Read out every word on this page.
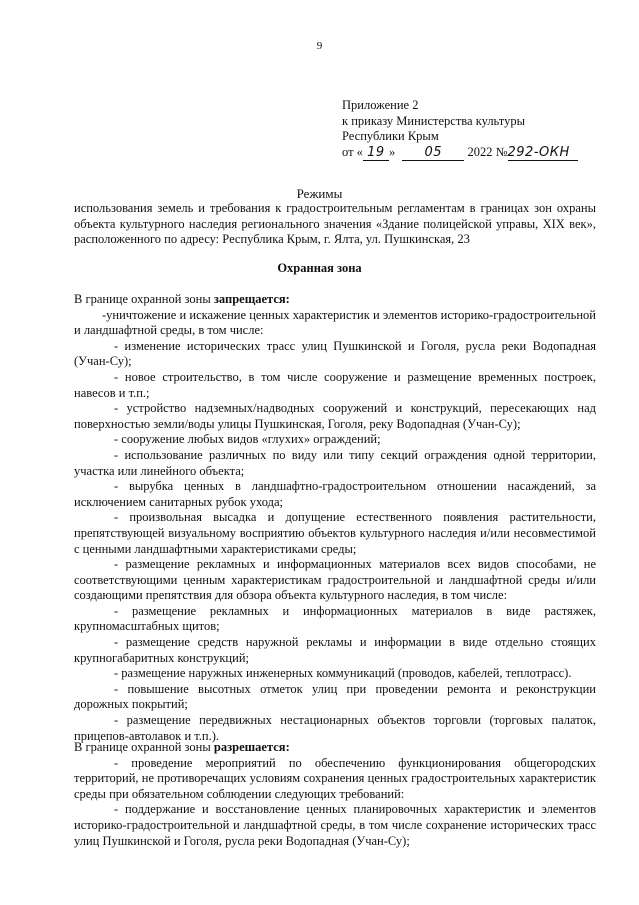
9
Приложение 2
к приказу Министерства культуры
Республики Крым
от « 19 » 05 2022 №292-ОКН
Режимы
использования земель и требования к градостроительным регламентам в границах зон охраны объекта культурного наследия регионального значения «Здание полицейской управы, XIX век», расположенного по адресу: Республика Крым, г. Ялта, ул. Пушкинская, 23
Охранная зона

В границе охранной зоны запрещается:

-уничтожение и искажение ценных характеристик и элементов историко-градостроительной и ландшафтной среды, в том числе:

- изменение исторических трасс улиц Пушкинской и Гоголя, русла реки Водопадная (Учан-Су);

- новое строительство, в том числе сооружение и размещение временных построек, навесов и т.п.;

- устройство надземных/надводных сооружений и конструкций, пересекающих над поверхностью земли/воды улицы Пушкинская, Гоголя, реку Водопадная (Учан-Су);

- сооружение любых видов «глухих» ограждений;

- использование различных по виду или типу секций ограждения одной территории, участка или линейного объекта;

- вырубка ценных в ландшафтно-градостроительном отношении насаждений, за исключением санитарных рубок ухода;

- произвольная высадка и допущение естественного появления растительности, препятствующей визуальному восприятию объектов культурного наследия и/или несовместимой с ценными ландшафтными характеристиками среды;

- размещение рекламных и информационных материалов всех видов способами, не соответствующими ценным характеристикам градостроительной и ландшафтной среды и/или создающими препятствия для обзора объекта культурного наследия, в том числе:

- размещение рекламных и информационных материалов в виде растяжек, крупномасштабных щитов;

- размещение средств наружной рекламы и информации в виде отдельно стоящих крупногабаритных конструкций;

- размещение наружных инженерных коммуникаций (проводов, кабелей, теплотрасс).

- повышение высотных отметок улиц при проведении ремонта и реконструкции дорожных покрытий;

- размещение передвижных нестационарных объектов торговли (торговых палаток, прицепов-автолавок и т.п.).

В границе охранной зоны разрешается:

- проведение мероприятий по обеспечению функционирования общегородских территорий, не противоречащих условиям сохранения ценных градостроительных характеристик среды при обязательном соблюдении следующих требований:

- поддержание и восстановление ценных планировочных характеристик и элементов историко-градостроительной и ландшафтной среды, в том числе сохранение исторических трасс улиц Пушкинской и Гоголя, русла реки Водопадная (Учан-Су);
